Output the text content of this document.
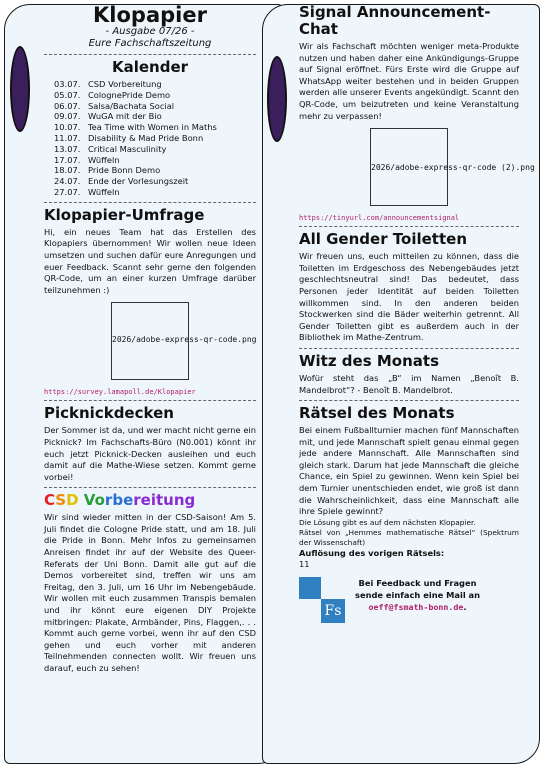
Klopapier
- Ausgabe 07/26 -
Eure Fachschaftszeitung
Kalender
03.07. CSD Vorbereitung
05.07. ColognePride Demo
06.07. Salsa/Bachata Social
09.07. WuGA mit der Bio
10.07. Tea Time with Women in Maths
11.07. Disability & Mad Pride Bonn
13.07. Critical Masculinity
17.07. Wüffeln
18.07. Pride Bonn Demo
24.07. Ende der Vorlesungszeit
27.07. Wüffeln
Klopapier-Umfrage

Hi, ein neues Team hat das Erstellen des Klopapiers übernommen! Wir wollen neue Ideen umsetzen und suchen dafür eure Anregungen und euer Feedback. Scannt sehr gerne den folgenden QR-Code, um an einer kurzen Umfrage darüber teilzunehmen :)

2026/adobe-express-qr-code.png
https://survey.lamapoll.de/Klopapier
Picknickdecken

Der Sommer ist da, und wer macht nicht gerne ein Picknick? Im Fachschafts-Büro (N0.001) könnt ihr euch jetzt Picknick-Decken ausleihen und euch damit auf die Mathe-Wiese setzen. Kommt gerne vorbei!

CSD Vorbereitung

Wir sind wieder mitten in der CSD-Saison! Am 5. Juli findet die Cologne Pride statt, und am 18. Juli die Pride in Bonn. Mehr Infos zu gemeinsamen Anreisen findet ihr auf der Website des Queer-Referats der Uni Bonn. Damit alle gut auf die Demos vorbereitet sind, treffen wir uns am Freitag, den 3. Juli, um 16 Uhr im Nebengebäude. Wir wollen mit euch zusammen Transpis bemalen und ihr könnt eure eigenen DIY Projekte mitbringen: Plakate, Armbänder, Pins, Flaggen,. . . Kommt auch gerne vorbei, wenn ihr auf den CSD gehen und euch vorher mit anderen Teilnehmenden connecten wollt. Wir freuen uns darauf, euch zu sehen!

Signal Announcement-Chat

Wir als Fachschaft möchten weniger meta-Produkte nutzen und haben daher eine Ankündigungs-Gruppe auf Signal eröffnet. Fürs Erste wird die Gruppe auf WhatsApp weiter bestehen und in beiden Gruppen werden alle unserer Events angekündigt. Scannt den QR-Code, um beizutreten und keine Veranstaltung mehr zu verpassen!

2026/adobe-express-qr-code (2).png
https://tinyurl.com/announcementsignal
All Gender Toiletten

Wir freuen uns, euch mitteilen zu können, dass die Toiletten im Erdgeschoss des Nebengebäudes jetzt geschlechtsneutral sind! Das bedeutet, dass Personen jeder Identität auf beiden Toiletten willkommen sind. In den anderen beiden Stockwerken sind die Bäder weiterhin getrennt. All Gender Toiletten gibt es außerdem auch in der Bibliothek im Mathe-Zentrum.

Witz des Monats

Wofür steht das „B“ im Namen „Benoît B. Mandelbrot“? - Benoît B. Mandelbrot.

Rätsel des Monats

Bei einem Fußballturnier machen fünf Mannschaften mit, und jede Mannschaft spielt genau einmal gegen jede andere Mannschaft. Alle Mannschaften sind gleich stark. Darum hat jede Mannschaft die gleiche Chance, ein Spiel zu gewinnen. Wenn kein Spiel bei dem Turnier unentschieden endet, wie groß ist dann die Wahrscheinlichkeit, dass eine Mannschaft alle ihre Spiele gewinnt?

Die Lösung gibt es auf dem nächsten Klopapier.

Rätsel von „Hemmes mathematische Rätsel“ (Spektrum der Wissenschaft)

Auflösung des vorigen Rätsels:

11

Fs

Bei Feedback und Fragen

sende einfach eine Mail an

oeff@fsmath-bonn.de.
